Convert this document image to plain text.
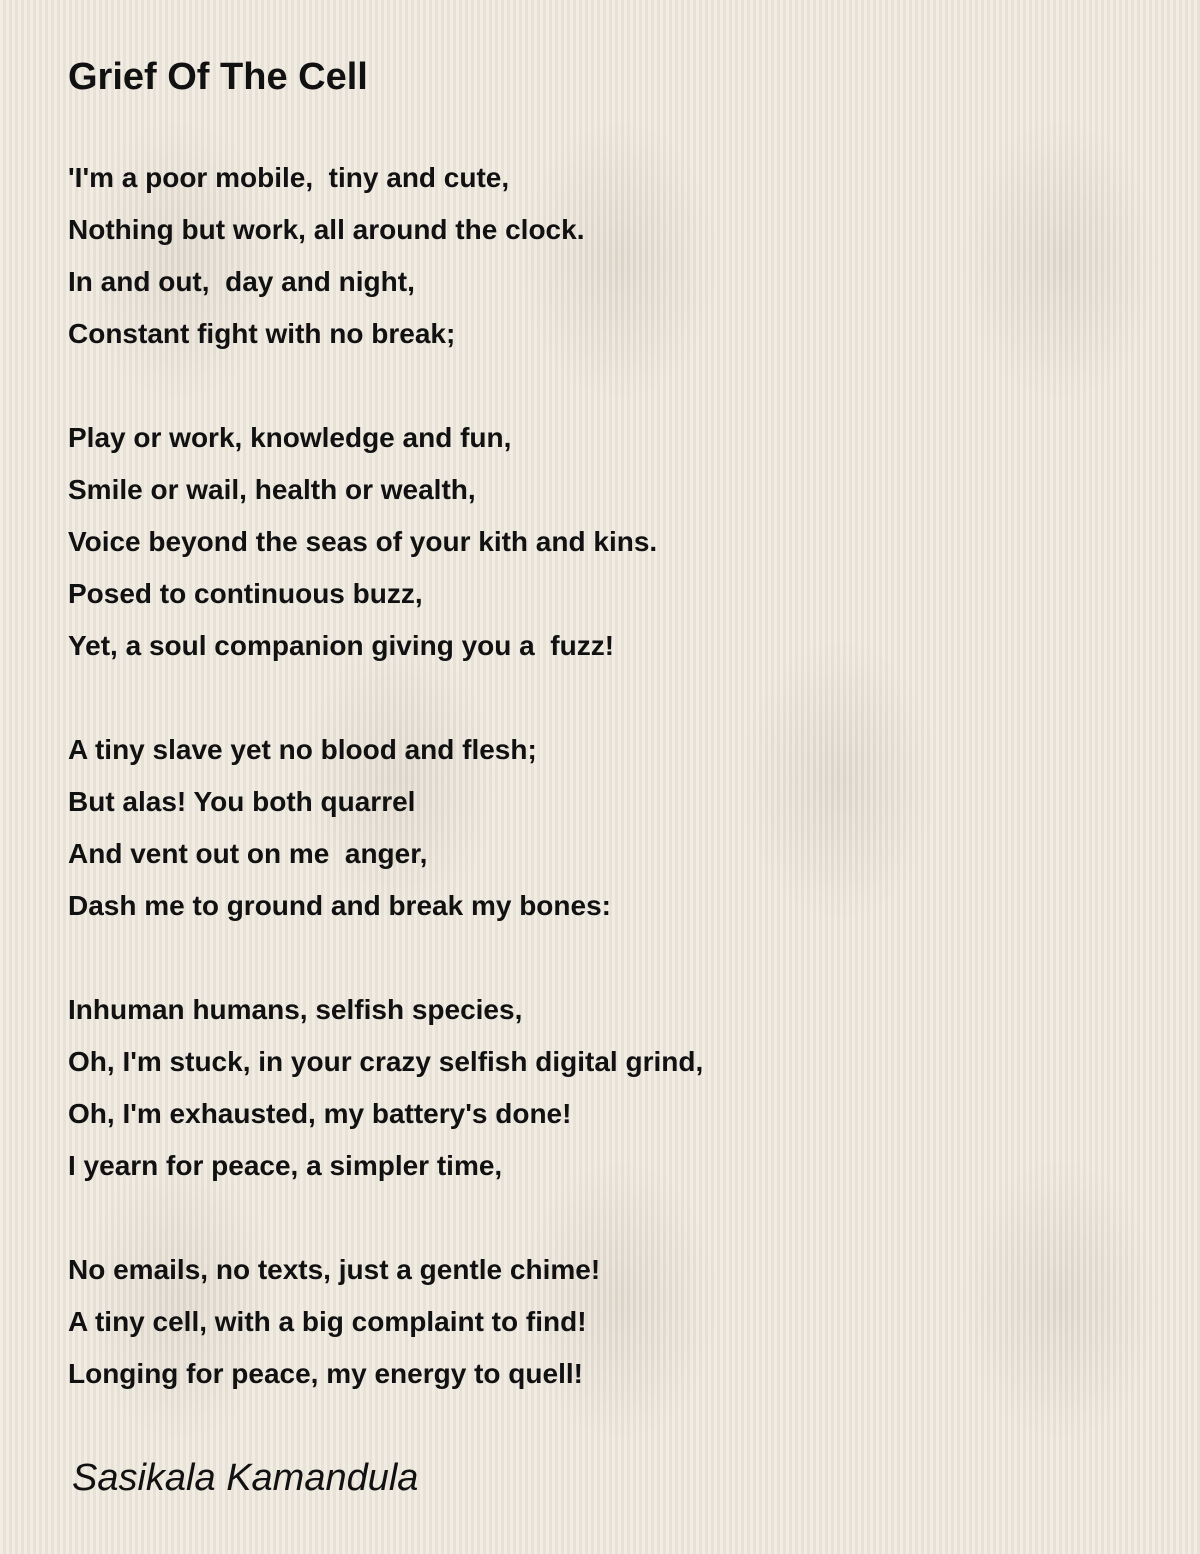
Grief Of The Cell
'I'm a poor mobile,  tiny and cute,
Nothing but work, all around the clock.
In and out,  day and night,
Constant fight with no break;
Play or work, knowledge and fun,
Smile or wail, health or wealth,
Voice beyond the seas of your kith and kins.
Posed to continuous buzz,
Yet, a soul companion giving you a  fuzz!
A tiny slave yet no blood and flesh;
But alas! You both quarrel
And vent out on me  anger,
Dash me to ground and break my bones:
Inhuman humans, selfish species,
Oh, I'm stuck, in your crazy selfish digital grind,
Oh, I'm exhausted, my battery's done!
I yearn for peace, a simpler time,
No emails, no texts, just a gentle chime!
A tiny cell, with a big complaint to find!
Longing for peace, my energy to quell!

Sasikala Kamandula
